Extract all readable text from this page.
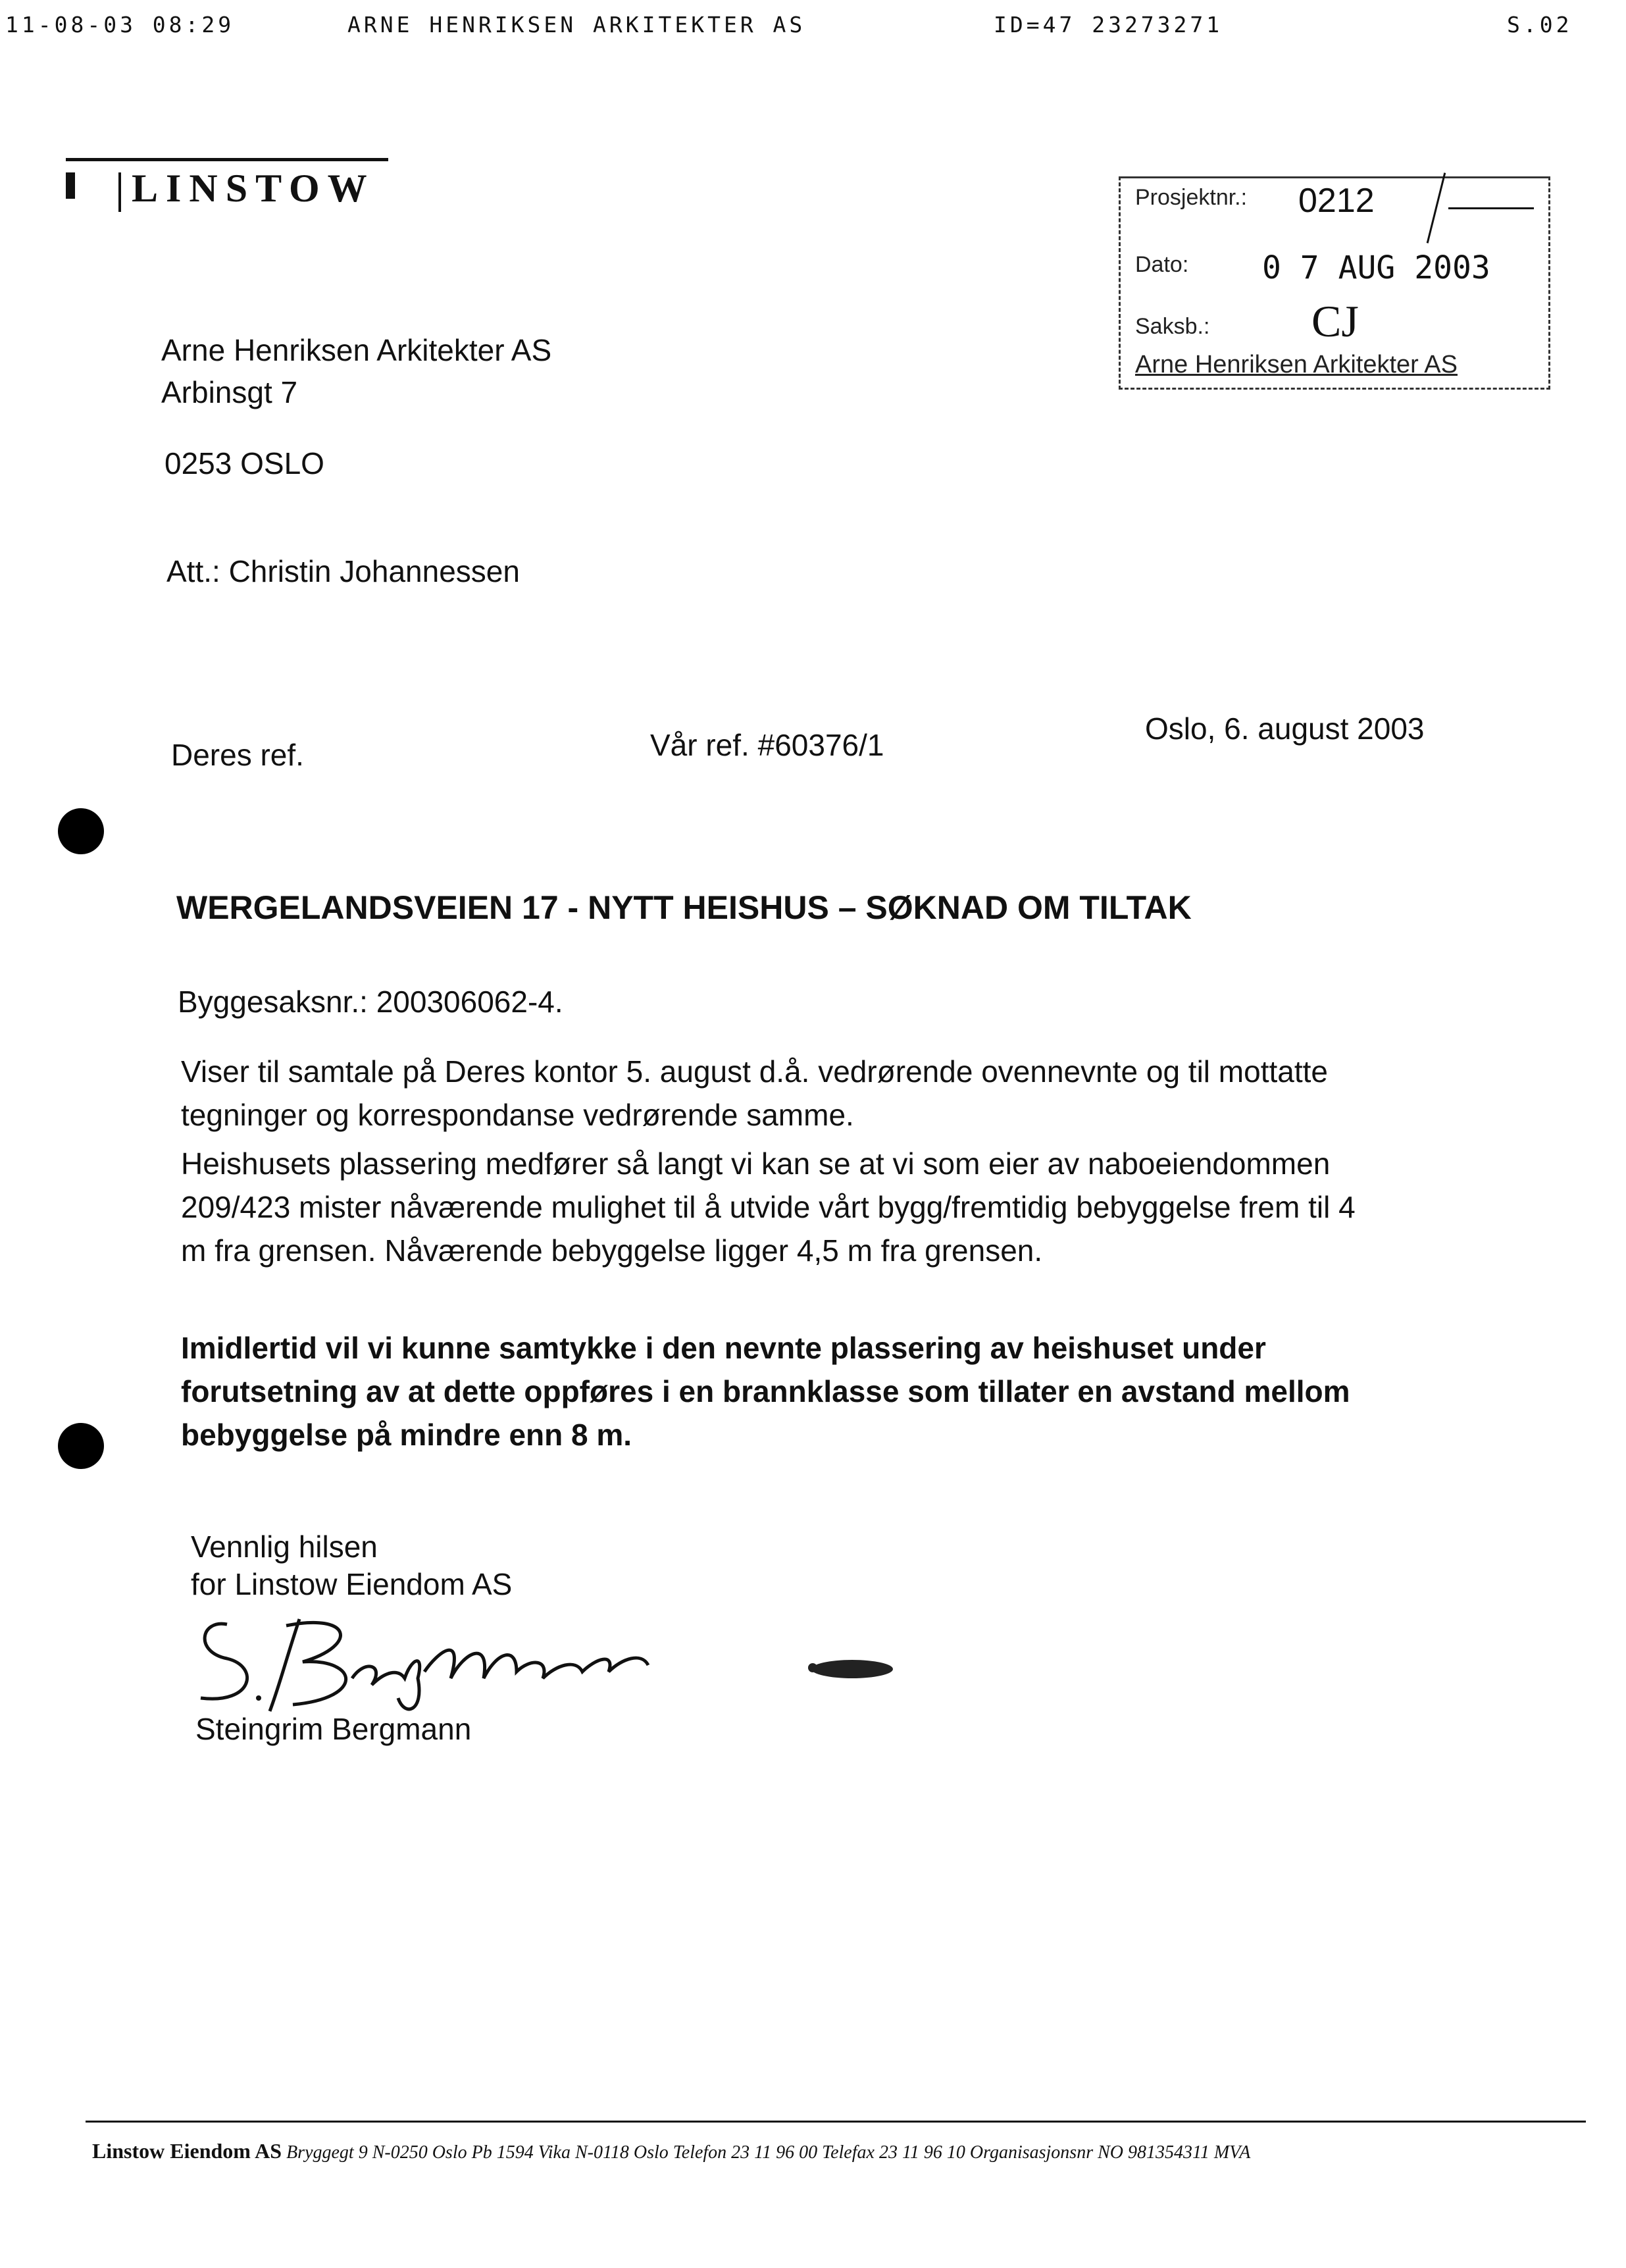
11-08-03 08:29	ARNE HENRIKSEN ARKITEKTER AS	ID=47 23273271	S.02
LINSTOW	Prosjektnr.: 0212
Dato: 0 7 AUG 2003
Saksb.: CJ
Arne Henriksen Arkitekter AS
Arne Henriksen Arkitekter AS
Arbinsgt 7
0253 OSLO
Att.: Christin Johannessen
Deres ref.	Vår ref. #60376/1	Oslo, 6. august 2003
WERGELANDSVEIEN 17 - NYTT HEISHUS – SØKNAD OM TILTAK
Byggesaksnr.: 200306062-4.
Viser til samtale på Deres kontor 5. august d.å. vedrørende ovennevnte og til mottatte tegninger og korrespondanse vedrørende samme.
Heishusets plassering medfører så langt vi kan se at vi som eier av naboeiendommen 209/423 mister nåværende mulighet til å utvide vårt bygg/fremtidig bebyggelse frem til 4 m fra grensen. Nåværende bebyggelse ligger 4,5 m fra grensen.
Imidlertid vil vi kunne samtykke i den nevnte plassering av heishuset under forutsetning av at dette oppføres i en brannklasse som tillater en avstand mellom bebyggelse på mindre enn 8 m.
Vennlig hilsen
for Linstow Eiendom AS
Steingrim Bergmann
Linstow Eiendom AS Bryggegt 9 N-0250 Oslo Pb 1594 Vika N-0118 Oslo Telefon 23 11 96 00 Telefax 23 11 96 10 Organisasjonsnr NO 981354311 MVA
